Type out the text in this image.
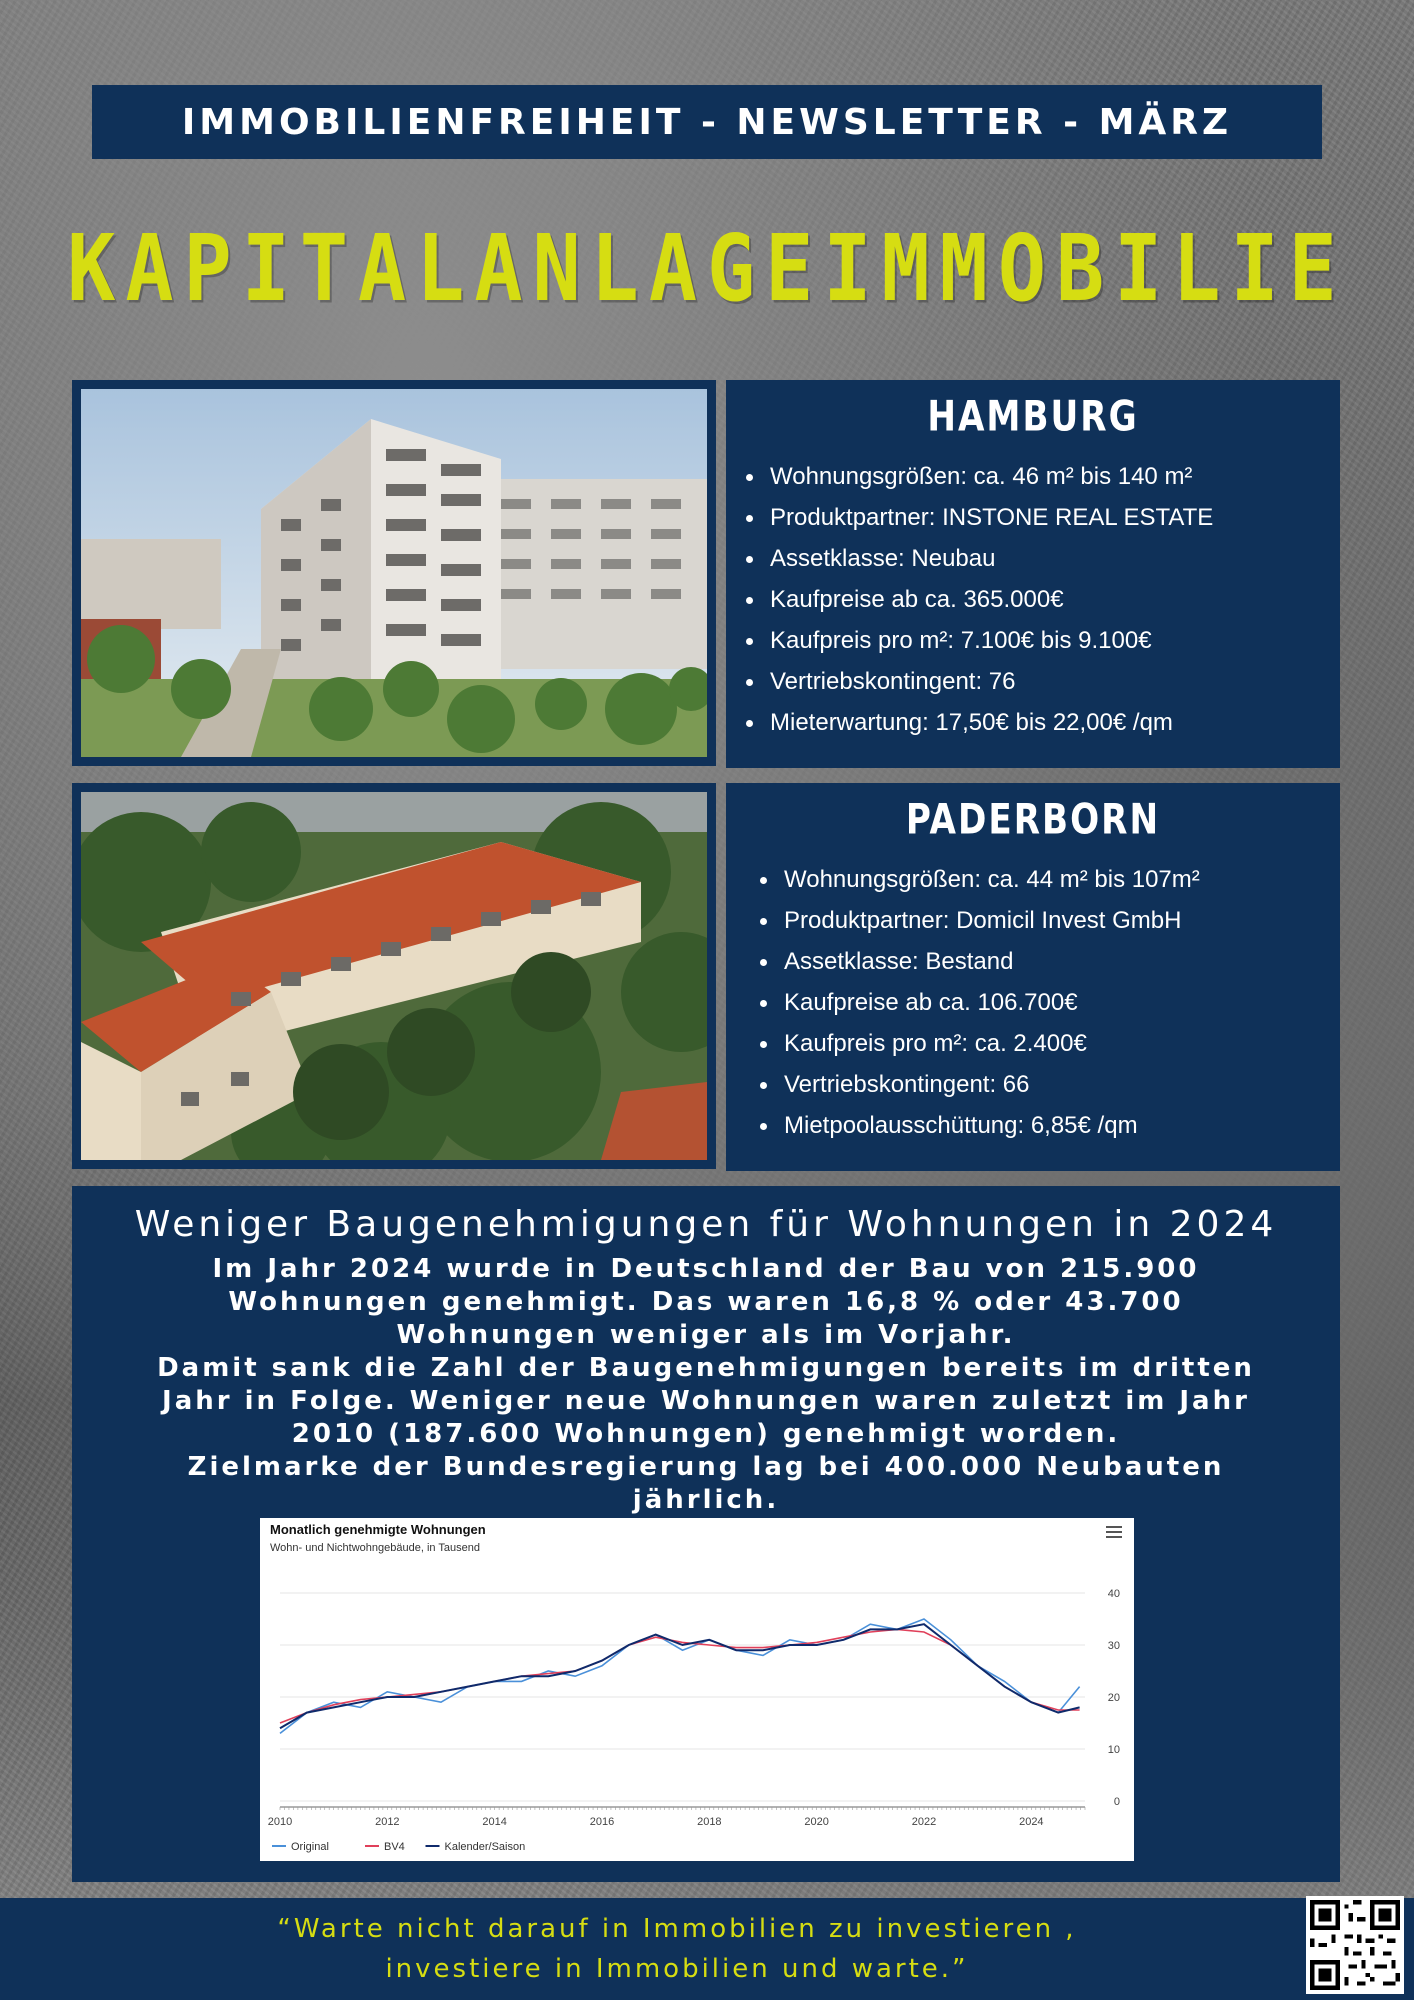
IMMOBILIENFREIHEIT - NEWSLETTER - MÄRZ
KAPITALANLAGEIMMOBILIE
HAMBURG
Wohnungsgrößen: ca. 46 m² bis 140 m²
Produktpartner: INSTONE REAL ESTATE
Assetklasse: Neubau
Kaufpreise ab ca. 365.000€
Kaufpreis pro m²: 7.100€ bis 9.100€
Vertriebskontingent: 76
Mieterwartung: 17,50€ bis 22,00€ /qm
PADERBORN
Wohnungsgrößen: ca. 44 m² bis 107m²
Produktpartner: Domicil Invest GmbH
Assetklasse: Bestand
Kaufpreise ab ca. 106.700€
Kaufpreis pro m²: ca. 2.400€
Vertriebskontingent: 66
Mietpoolausschüttung: 6,85€ /qm
Weniger Baugenehmigungen für Wohnungen in 2024

Im Jahr 2024 wurde in Deutschland der Bau von 215.900 Wohnungen genehmigt. Das waren 16,8 % oder 43.700 Wohnungen weniger als im Vorjahr.

Damit sank die Zahl der Baugenehmigungen bereits im dritten Jahr in Folge. Weniger neue Wohnungen waren zuletzt im Jahr 2010 (187.600 Wohnungen) genehmigt worden.

Zielmarke der Bundesregierung lag bei 400.000 Neubauten jährlich.

0
10
20
30
40
2010	2012	2014	2016	2018	2020	2022	2024
Original	BV4	Kalender/Saison
Monatlich genehmigte Wohnungen
Wohn- und Nichtwohngebäude, in Tausend
“Warte nicht darauf in Immobilien zu investieren ,
investiere in Immobilien und warte.”
